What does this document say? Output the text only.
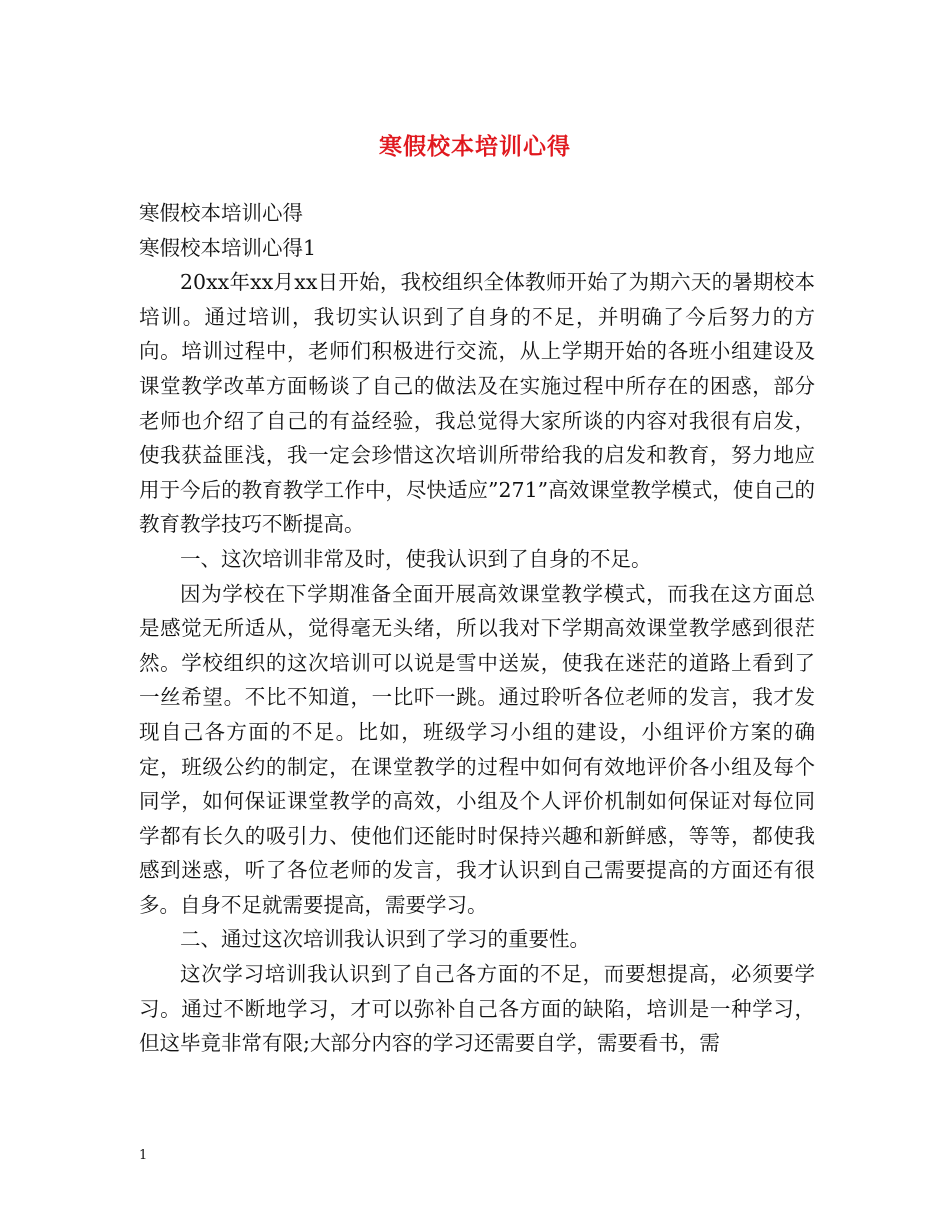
寒假校本培训心得

寒假校本培训心得

寒假校本培训心得1

20xx年xx月xx日开始，我校组织全体教师开始了为期六天的暑期校本培训。通过培训，我切实认识到了自身的不足，并明确了今后努力的方向。培训过程中，老师们积极进行交流，从上学期开始的各班小组建设及课堂教学改革方面畅谈了自己的做法及在实施过程中所存在的困惑，部分老师也介绍了自己的有益经验，我总觉得大家所谈的内容对我很有启发，使我获益匪浅，我一定会珍惜这次培训所带给我的启发和教育，努力地应用于今后的教育教学工作中，尽快适应”271”高效课堂教学模式，使自己的教育教学技巧不断提高。

一、这次培训非常及时，使我认识到了自身的不足。

因为学校在下学期准备全面开展高效课堂教学模式，而我在这方面总是感觉无所适从，觉得毫无头绪，所以我对下学期高效课堂教学感到很茫然。学校组织的这次培训可以说是雪中送炭，使我在迷茫的道路上看到了一丝希望。不比不知道，一比吓一跳。通过聆听各位老师的发言，我才发现自己各方面的不足。比如，班级学习小组的建设，小组评价方案的确定，班级公约的制定，在课堂教学的过程中如何有效地评价各小组及每个同学，如何保证课堂教学的高效，小组及个人评价机制如何保证对每位同学都有长久的吸引力、使他们还能时时保持兴趣和新鲜感，等等，都使我感到迷惑，听了各位老师的发言，我才认识到自己需要提高的方面还有很多。自身不足就需要提高，需要学习。

二、通过这次培训我认识到了学习的重要性。

这次学习培训我认识到了自己各方面的不足，而要想提高，必须要学习。通过不断地学习，才可以弥补自己各方面的缺陷，培训是一种学习，但这毕竟非常有限;大部分内容的学习还需要自学，需要看书，需

1
